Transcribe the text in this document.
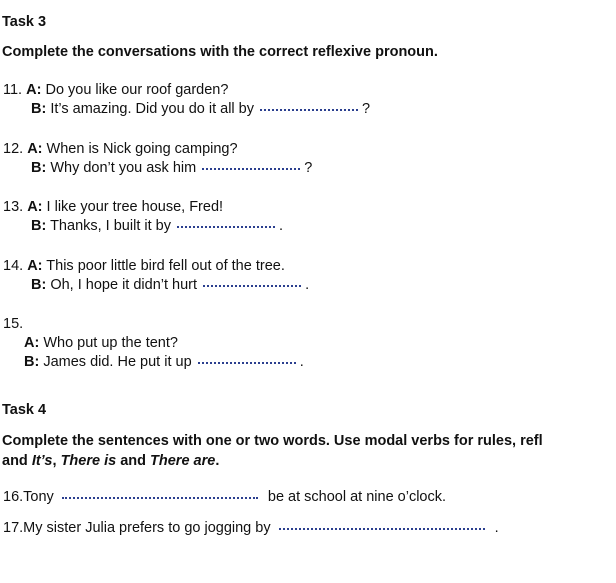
Task 3
Complete the conversations with the correct reflexive pronoun.
11. A: Do you like our roof garden?
B: It’s amazing. Did you do it all by	?
12. A: When is Nick going camping?
B: Why don’t you ask him	?
13. A: I like your tree house, Fred!
B: Thanks, I built it by	.
14. A: This poor little bird fell out of the tree.
B: Oh, I hope it didn’t hurt	.
15.
A: Who put up the tent?
B: James did. He put it up	.
Task 4
Complete the sentences with one or two words. Use modal verbs for rules, refl
and It’s, There is and There are.
16.Tony	be at school at nine o’clock.
17.My sister Julia prefers to go jogging by	.
